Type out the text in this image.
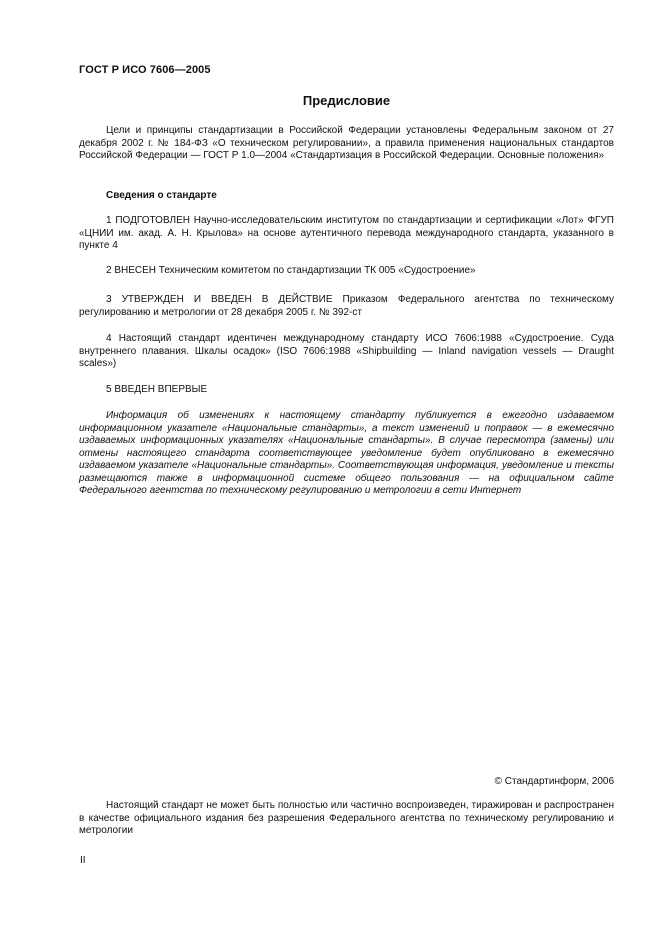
ГОСТ Р ИСО 7606—2005
Предисловие

Цели и принципы стандартизации в Российской Федерации установлены Федеральным законом от 27 декабря 2002 г. № 184-ФЗ «О техническом регулировании», а правила применения национальных стандартов Российской Федерации — ГОСТ Р 1.0—2004 «Стандартизация в Российской Федерации. Основные положения»

Сведения о стандарте

1 ПОДГОТОВЛЕН Научно-исследовательским институтом по стандартизации и сертификации «Лот» ФГУП «ЦНИИ им. акад. А. Н. Крылова» на основе аутентичного перевода международного стандарта, указанного в пункте 4

2 ВНЕСЕН Техническим комитетом по стандартизации ТК 005 «Судостроение»

3 УТВЕРЖДЕН И ВВЕДЕН В ДЕЙСТВИЕ Приказом Федерального агентства по техническому регулированию и метрологии от 28 декабря 2005 г. № 392-ст

4 Настоящий стандарт идентичен международному стандарту ИСО 7606:1988 «Судостроение. Суда внутреннего плавания. Шкалы осадок» (ISO 7606:1988 «Shipbuilding — Inland navigation vessels — Draught scales»)

5 ВВЕДЕН ВПЕРВЫЕ

Информация об изменениях к настоящему стандарту публикуется в ежегодно издаваемом информационном указателе «Национальные стандарты», а текст изменений и поправок — в ежемесячно издаваемых информационных указателях «Национальные стандарты». В случае пересмотра (замены) или отмены настоящего стандарта соответствующее уведомление будет опубликовано в ежемесячно издаваемом указателе «Национальные стандарты». Соответствующая информация, уведомление и тексты размещаются также в информационной системе общего пользования — на официальном сайте Федерального агентства по техническому регулированию и метрологии в сети Интернет

© Стандартинформ, 2006

Настоящий стандарт не может быть полностью или частично воспроизведен, тиражирован и распространен в качестве официального издания без разрешения Федерального агентства по техническому регулированию и метрологии

II
